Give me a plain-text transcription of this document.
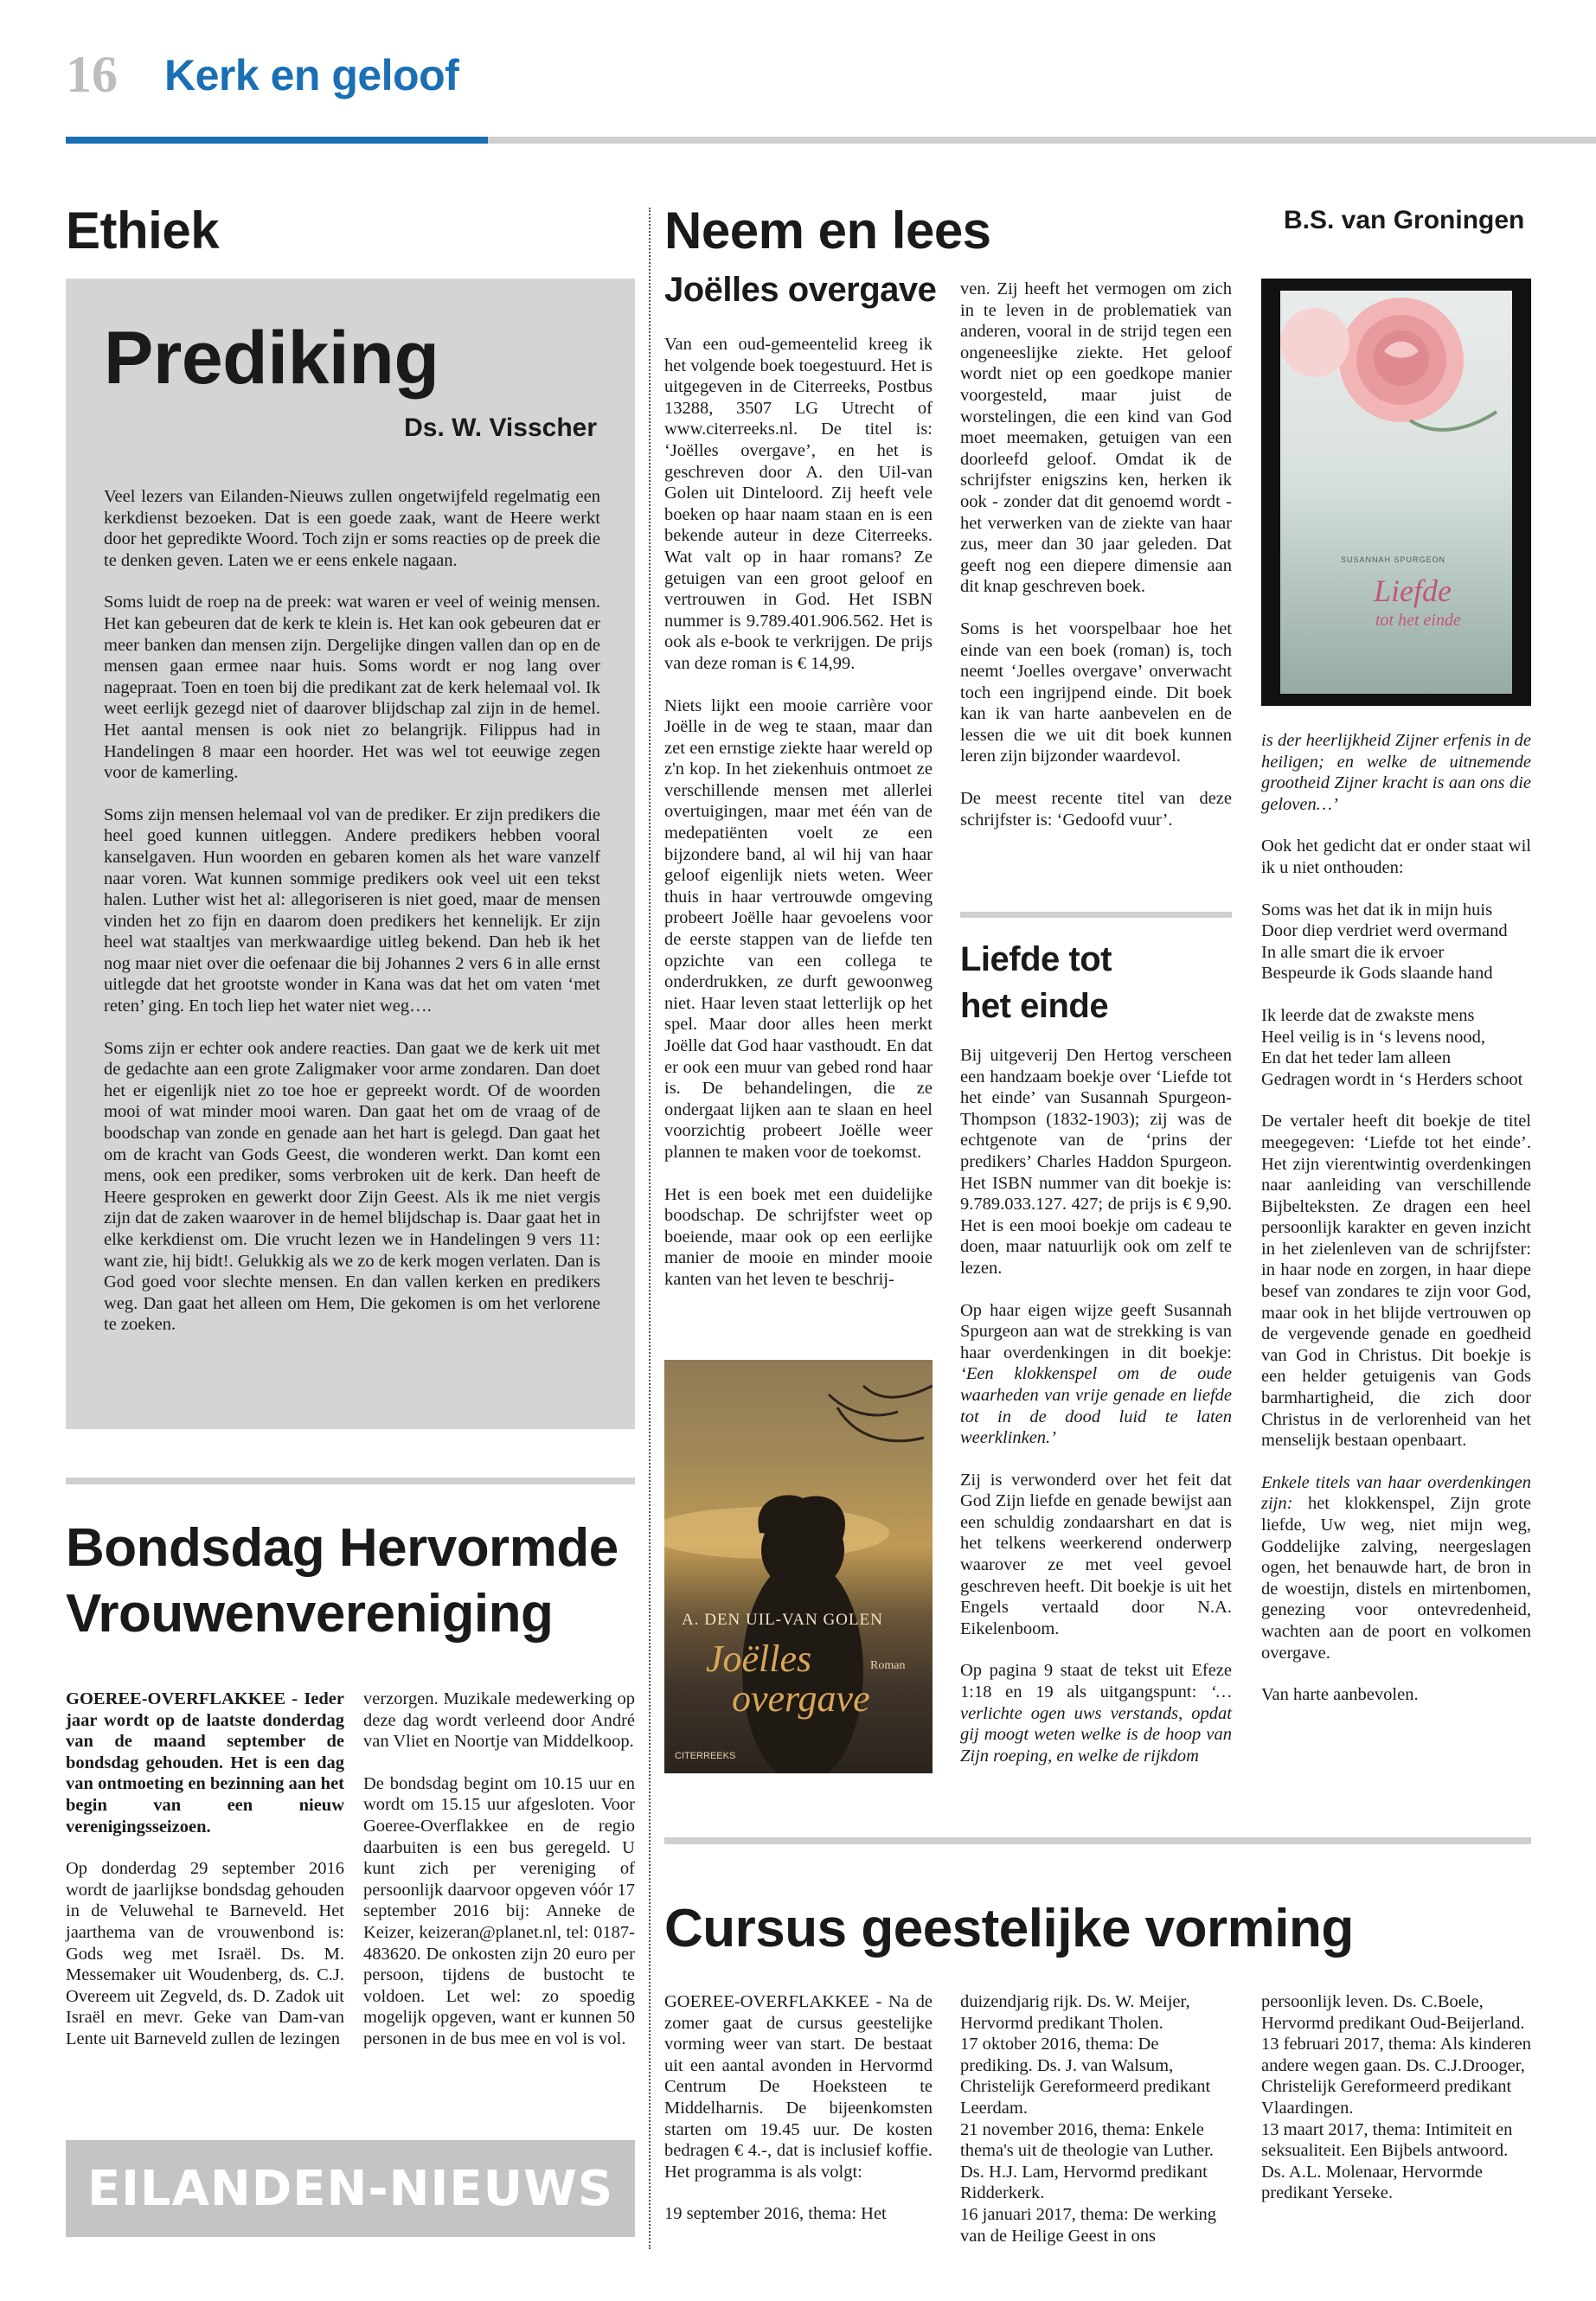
16 Kerk en geloof
Ethiek
Prediking
Ds. W. Visscher

Veel lezers van Eilanden-Nieuws zullen ongetwijfeld regelmatig een kerkdienst bezoeken. Dat is een goede zaak, want de Heere werkt door het gepredikte Woord. Toch zijn er soms reacties op de preek die te denken geven. Laten we er eens enkele nagaan.

Soms luidt de roep na de preek: wat waren er veel of weinig mensen. Het kan gebeuren dat de kerk te klein is. Het kan ook gebeuren dat er meer banken dan mensen zijn. Dergelijke dingen vallen dan op en de mensen gaan ermee naar huis. Soms wordt er nog lang over nagepraat. Toen en toen bij die predikant zat de kerk helemaal vol. Ik weet eerlijk gezegd niet of daarover blijdschap zal zijn in de hemel. Het aantal mensen is ook niet zo belangrijk. Filippus had in Handelingen 8 maar een hoorder. Het was wel tot eeuwige zegen voor de kamerling.

Soms zijn mensen helemaal vol van de prediker. Er zijn predikers die heel goed kunnen uitleggen. Andere predikers hebben vooral kanselgaven. Hun woorden en gebaren komen als het ware vanzelf naar voren. Wat kunnen sommige predikers ook veel uit een tekst halen. Luther wist het al: allegoriseren is niet goed, maar de mensen vinden het zo fijn en daarom doen predikers het kennelijk. Er zijn heel wat staaltjes van merkwaardige uitleg bekend. Dan heb ik het nog maar niet over die oefenaar die bij Johannes 2 vers 6 in alle ernst uitlegde dat het grootste wonder in Kana was dat het om vaten ‘met reten’ ging. En toch liep het water niet weg….

Soms zijn er echter ook andere reacties. Dan gaat we de kerk uit met de gedachte aan een grote Zaligmaker voor arme zondaren. Dan doet het er eigenlijk niet zo toe hoe er gepreekt wordt. Of de woorden mooi of wat minder mooi waren. Dan gaat het om de vraag of de boodschap van zonde en genade aan het hart is gelegd. Dan gaat het om de kracht van Gods Geest, die wonderen werkt. Dan komt een mens, ook een prediker, soms verbroken uit de kerk. Dan heeft de Heere gesproken en gewerkt door Zijn Geest. Als ik me niet vergis zijn dat de zaken waarover in de hemel blijdschap is. Daar gaat het in elke kerkdienst om. Die vrucht lezen we in Handelingen 9 vers 11: want zie, hij bidt!. Gelukkig als we zo de kerk mogen verlaten. Dan is God goed voor slechte mensen. En dan vallen kerken en predikers weg. Dan gaat het alleen om Hem, Die gekomen is om het verlorene te zoeken.

Bondsdag Hervormde
Vrouwenvereniging

GOEREE-OVERFLAKKEE - Ieder jaar wordt op de laatste donderdag van de maand september de bondsdag gehouden. Het is een dag van ontmoeting en bezinning aan het begin van een nieuw verenigingsseizoen.

Op donderdag 29 september 2016 wordt de jaarlijkse bondsdag gehouden in de Veluwehal te Barneveld. Het jaarthema van de vrouwenbond is: Gods weg met Israël. Ds. M. Messemaker uit Woudenberg, ds. C.J. Overeem uit Zegveld, ds. D. Zadok uit Israël en mevr. Geke van Dam-van Lente uit Barneveld zullen de lezingen

verzorgen. Muzikale medewerking op deze dag wordt verleend door André van Vliet en Noortje van Middelkoop.

De bondsdag begint om 10.15 uur en wordt om 15.15 uur afgesloten. Voor Goeree-Overflakkee en de regio daarbuiten is een bus geregeld. U kunt zich per vereniging of persoonlijk daarvoor opgeven vóór 17 september 2016 bij: Anneke de Keizer, keizeran@planet.nl, tel: 0187-483620. De onkosten zijn 20 euro per persoon, tijdens de bustocht te voldoen. Let wel: zo spoedig mogelijk opgeven, want er kunnen 50 personen in de bus mee en vol is vol.

EILANDEN-NIEUWS
Neem en lees	B.S. van Groningen
Joëlles overgave

Van een oud-gemeentelid kreeg ik het volgende boek toegestuurd. Het is uitgegeven in de Citerreeks, Postbus 13288, 3507 LG Utrecht of www.citerreeks.nl. De titel is: ‘Joëlles overgave’, en het is geschreven door A. den Uil-van Golen uit Dinteloord. Zij heeft vele boeken op haar naam staan en is een bekende auteur in deze Citerreeks. Wat valt op in haar romans? Ze getuigen van een groot geloof en vertrouwen in God. Het ISBN nummer is 9.789.401.906.562. Het is ook als e-book te verkrijgen. De prijs van deze roman is € 14,99.

Niets lijkt een mooie carrière voor Joëlle in de weg te staan, maar dan zet een ernstige ziekte haar wereld op z'n kop. In het ziekenhuis ontmoet ze verschillende mensen met allerlei overtuigingen, maar met één van de medepatiënten voelt ze een bijzondere band, al wil hij van haar geloof eigenlijk niets weten. Weer thuis in haar vertrouwde omgeving probeert Joëlle haar gevoelens voor de eerste stappen van de liefde ten opzichte van een collega te onderdrukken, ze durft gewoonweg niet. Haar leven staat letterlijk op het spel. Maar door alles heen merkt Joëlle dat God haar vasthoudt. En dat er ook een muur van gebed rond haar is. De behandelingen, die ze ondergaat lijken aan te slaan en heel voorzichtig probeert Joëlle weer plannen te maken voor de toekomst.

Het is een boek met een duidelijke boodschap. De schrijfster weet op boeiende, maar ook op een eerlijke manier de mooie en minder mooie kanten van het leven te beschrij-

A. DEN UIL-VAN GOLEN
Joëlles
overgave
Roman
CITERREEKS

ven. Zij heeft het vermogen om zich in te leven in de problematiek van anderen, vooral in de strijd tegen een ongeneeslijke ziekte. Het geloof wordt niet op een goedkope manier voorgesteld, maar juist de worstelingen, die een kind van God moet meemaken, getuigen van een doorleefd geloof. Omdat ik de schrijfster enigszins ken, herken ik ook - zonder dat dit genoemd wordt - het verwerken van de ziekte van haar zus, meer dan 30 jaar geleden. Dat geeft nog een diepere dimensie aan dit knap geschreven boek.

Soms is het voorspelbaar hoe het einde van een boek (roman) is, toch neemt ‘Joelles overgave’ onverwacht toch een ingrijpend einde. Dit boek kan ik van harte aanbevelen en de lessen die we uit dit boek kunnen leren zijn bijzonder waardevol.

De meest recente titel van deze schrijfster is: ‘Gedoofd vuur’.

Liefde tot
het einde

Bij uitgeverij Den Hertog verscheen een handzaam boekje over ‘Liefde tot het einde’ van Susannah Spurgeon-Thompson (1832-1903); zij was de echtgenote van de ‘prins der predikers’ Charles Haddon Spurgeon. Het ISBN nummer van dit boekje is: 9.789.033.127. 427; de prijs is € 9,90. Het is een mooi boekje om cadeau te doen, maar natuurlijk ook om zelf te lezen.

Op haar eigen wijze geeft Susannah Spurgeon aan wat de strekking is van haar overdenkingen in dit boekje: ‘Een klokkenspel om de oude waarheden van vrije genade en liefde tot in de dood luid te laten weerklinken.’

Zij is verwonderd over het feit dat God Zijn liefde en genade bewijst aan een schuldig zondaarshart en dat is het telkens weerkerend onderwerp waarover ze met veel gevoel geschreven heeft. Dit boekje is uit het Engels vertaald door N.A. Eikelenboom.

Op pagina 9 staat de tekst uit Efeze 1:18 en 19 als uitgangspunt: ‘… verlichte ogen uws verstands, opdat gij moogt weten welke is de hoop van Zijn roeping, en welke de rijkdom

SUSANNAH SPURGEON
Liefde
tot het einde

is der heerlijkheid Zijner erfenis in de heiligen; en welke de uitnemende grootheid Zijner kracht is aan ons die geloven…’

Ook het gedicht dat er onder staat wil ik u niet onthouden:

Soms was het dat ik in mijn huis
Door diep verdriet werd overmand
In alle smart die ik ervoer
Bespeurde ik Gods slaande hand

Ik leerde dat de zwakste mens
Heel veilig is in ‘s levens nood,
En dat het teder lam alleen
Gedragen wordt in ‘s Herders schoot

De vertaler heeft dit boekje de titel meegegeven: ‘Liefde tot het einde’. Het zijn vierentwintig overdenkingen naar aanleiding van verschillende Bijbelteksten. Ze dragen een heel persoonlijk karakter en geven inzicht in het zielenleven van de schrijfster: in haar node en zorgen, in haar diepe besef van zondares te zijn voor God, maar ook in het blijde vertrouwen op de vergevende genade en goedheid van God in Christus. Dit boekje is een helder getuigenis van Gods barmhartigheid, die zich door Christus in de verlorenheid van het menselijk bestaan openbaart.

Enkele titels van haar overdenkingen zijn: het klokkenspel, Zijn grote liefde, Uw weg, niet mijn weg, Goddelijke zalving, neergeslagen ogen, het benauwde hart, de bron in de woestijn, distels en mirtenbomen, genezing voor ontevredenheid, wachten aan de poort en volkomen overgave.

Van harte aanbevolen.

Cursus geestelijke vorming

GOEREE-OVERFLAKKEE - Na de zomer gaat de cursus geestelijke vorming weer van start. De bestaat uit een aantal avonden in Hervormd Centrum De Hoeksteen te Middelharnis. De bijeenkomsten starten om 19.45 uur. De kosten bedragen € 4.-, dat is inclusief koffie. Het programma is als volgt:

19 september 2016, thema: Het

duizendjarig rijk. Ds. W. Meijer, Hervormd predikant Tholen.
17 oktober 2016, thema: De prediking. Ds. J. van Walsum, Christelijk Gereformeerd predikant Leerdam.
21 november 2016, thema: Enkele thema's uit de theologie van Luther. Ds. H.J. Lam, Hervormd predikant Ridderkerk.
16 januari 2017, thema: De werking van de Heilige Geest in ons
persoonlijk leven. Ds. C.Boele, Hervormd predikant Oud-Beijerland.
13 februari 2017, thema: Als kinderen andere wegen gaan. Ds. C.J.Drooger, Christelijk Gereformeerd predikant Vlaardingen.
13 maart 2017, thema: Intimiteit en seksualiteit. Een Bijbels antwoord. Ds. A.L. Molenaar, Hervormde predikant Yerseke.
